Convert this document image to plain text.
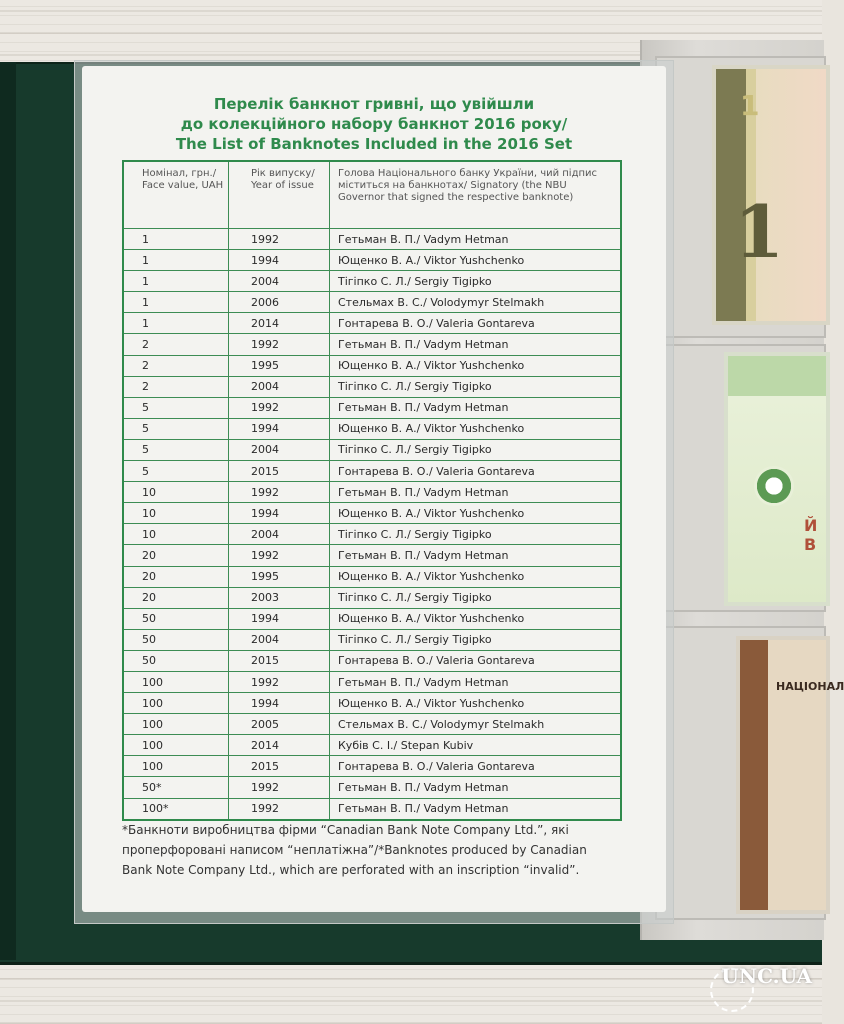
1
1
Й В
НАЦІОНАЛ
Перелік банкнот гривні, що увійшли
до колекційного набору банкнот 2016 року/
The List of Banknotes Included in the 2016 Set
Номінал, грн./ Face value, UAH	Рік випуску/ Year of issue	Голова Національного банку України, чий підпис міститься на банкнотах/ Signatory (the NBU Governor that signed the respective banknote)
1	1992	Гетьман В. П./ Vadym Hetman
1	1994	Ющенко В. А./ Viktor Yushchenko
1	2004	Тігіпко С. Л./ Sergiy Tigipko
1	2006	Стельмах В. С./ Volodymyr Stelmakh
1	2014	Гонтарева В. О./ Valeria Gontareva
2	1992	Гетьман В. П./ Vadym Hetman
2	1995	Ющенко В. А./ Viktor Yushchenko
2	2004	Тігіпко С. Л./ Sergiy Tigipko
5	1992	Гетьман В. П./ Vadym Hetman
5	1994	Ющенко В. А./ Viktor Yushchenko
5	2004	Тігіпко С. Л./ Sergiy Tigipko
5	2015	Гонтарева В. О./ Valeria Gontareva
10	1992	Гетьман В. П./ Vadym Hetman
10	1994	Ющенко В. А./ Viktor Yushchenko
10	2004	Тігіпко С. Л./ Sergiy Tigipko
20	1992	Гетьман В. П./ Vadym Hetman
20	1995	Ющенко В. А./ Viktor Yushchenko
20	2003	Тігіпко С. Л./ Sergiy Tigipko
50	1994	Ющенко В. А./ Viktor Yushchenko
50	2004	Тігіпко С. Л./ Sergiy Tigipko
50	2015	Гонтарева В. О./ Valeria Gontareva
100	1992	Гетьман В. П./ Vadym Hetman
100	1994	Ющенко В. А./ Viktor Yushchenko
100	2005	Стельмах В. С./ Volodymyr Stelmakh
100	2014	Кубів С. І./ Stepan Kubiv
100	2015	Гонтарева В. О./ Valeria Gontareva
50*	1992	Гетьман В. П./ Vadym Hetman
100*	1992	Гетьман В. П./ Vadym Hetman
*Банкноти виробництва фірми “Canadian Bank Note Company Ltd.”, які
проперфоровані написом “неплатіжна”/*Banknotes produced by Canadian
Bank Note Company Ltd., which are perforated with an inscription “invalid”.
UNC.UA
